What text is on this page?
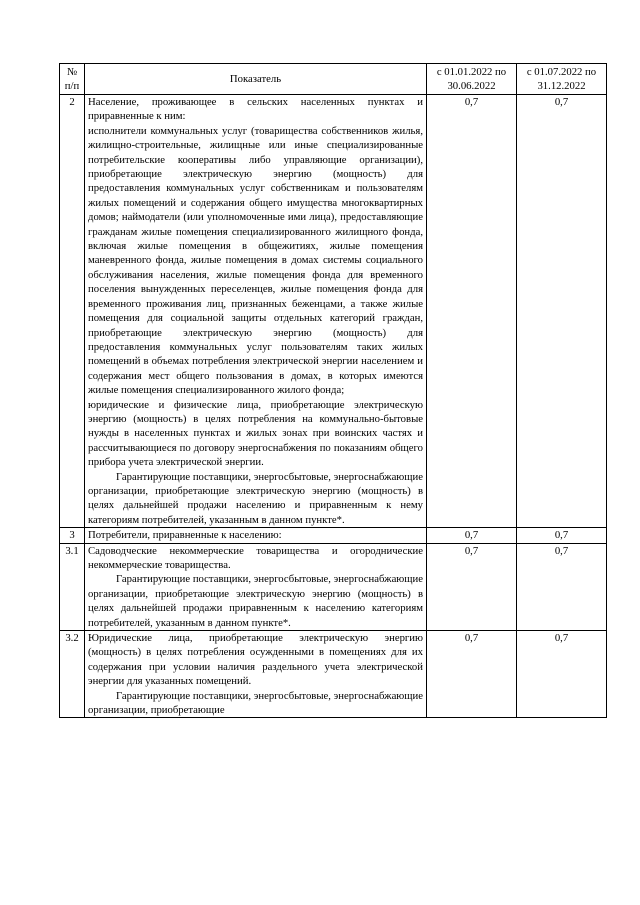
№ п/п	Показатель	с 01.01.2022 по 30.06.2022	с 01.07.2022 по 31.12.2022
2	Население, проживающее в сельских населенных пунктах и приравненные к ним:

исполнители коммунальных услуг (товарищества собственников жилья, жилищно-строительные, жилищные или иные специализированные потребительские кооперативы либо управляющие организации), приобретающие электрическую энергию (мощность) для предоставления коммунальных услуг собственникам и пользователям жилых помещений и содержания общего имущества многоквартирных домов; наймодатели (или уполномоченные ими лица), предоставляющие гражданам жилые помещения специализированного жилищного фонда, включая жилые помещения в общежитиях, жилые помещения маневренного фонда, жилые помещения в домах системы социального обслуживания населения, жилые помещения фонда для временного поселения вынужденных переселенцев, жилые помещения фонда для временного проживания лиц, признанных беженцами, а также жилые помещения для социальной защиты отдельных категорий граждан, приобретающие электрическую энергию (мощность) для предоставления коммунальных услуг пользователям таких жилых помещений в объемах потребления электрической энергии населением и содержания мест общего пользования в домах, в которых имеются жилые помещения специализированного жилого фонда;

юридические и физические лица, приобретающие электрическую энергию (мощность) в целях потребления на коммунально-бытовые нужды в населенных пунктах и жилых зонах при воинских частях и рассчитывающиеся по договору энергоснабжения по показаниям общего прибора учета электрической энергии.

Гарантирующие поставщики, энергосбытовые, энергоснабжающие организации, приобретающие электрическую энергию (мощность) в целях дальнейшей продажи населению и приравненным к нему категориям потребителей, указанным в данном пункте*.	0,7	0,7
3	Потребители, приравненные к населению:	0,7	0,7
3.1	Садоводческие некоммерческие товарищества и огороднические некоммерческие товарищества.

Гарантирующие поставщики, энергосбытовые, энергоснабжающие организации, приобретающие электрическую энергию (мощность) в целях дальнейшей продажи приравненным к населению категориям потребителей, указанным в данном пункте*.	0,7	0,7
3.2	Юридические лица, приобретающие электрическую энергию (мощность) в целях потребления осужденными в помещениях для их содержания при условии наличия раздельного учета электрической энергии для указанных помещений.

Гарантирующие поставщики, энергосбытовые, энергоснабжающие организации, приобретающие	0,7	0,7
